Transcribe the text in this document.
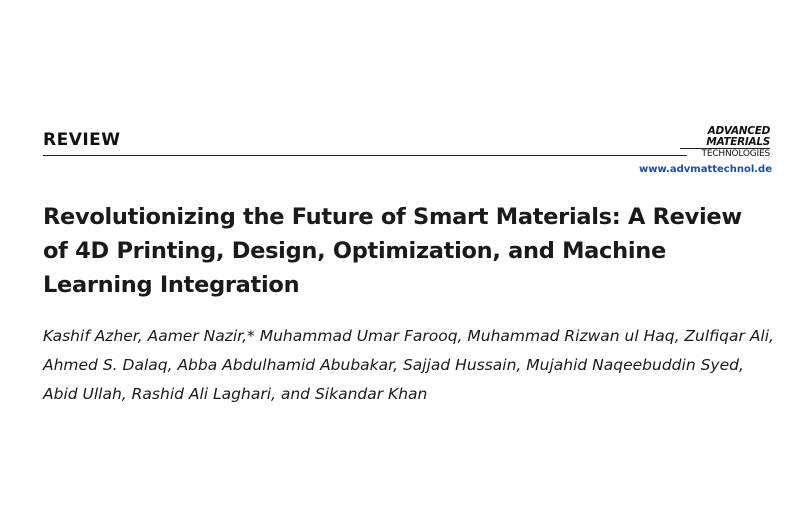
REVIEW	ADVANCED
MATERIALS
TECHNOLOGIES
www.advmattechnol.de
Revolutionizing the Future of Smart Materials: A Review of 4D Printing, Design, Optimization, and Machine Learning Integration

Kashif Azher, Aamer Nazir,* Muhammad Umar Farooq, Muhammad Rizwan ul Haq, Zulfiqar Ali, Ahmed S. Dalaq, Abba Abdulhamid Abubakar, Sajjad Hussain, Mujahid Naqeebuddin Syed, Abid Ullah, Rashid Ali Laghari, and Sikandar Khan
